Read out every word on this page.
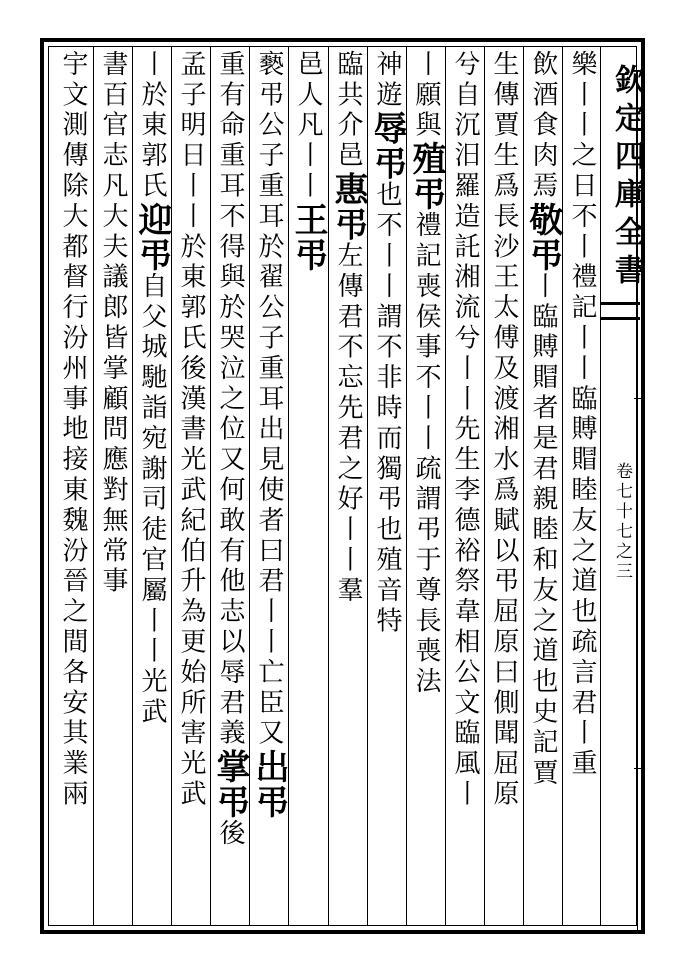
欽定四庫全書
卷七十七之三
樂丨丨之日不丨禮記丨丨臨賻賵睦友之道也疏言君丨重
飲酒食肉焉敬弔丨臨賻賵者是君親睦和友之道也史記賈
生傳賈生爲長沙王太傅及渡湘水爲賦以弔屈原曰側聞屈原
兮自沉汨羅造託湘流兮丨丨先生李德裕祭韋相公文臨風丨
丨願與殖弔禮記喪侯事不丨丨疏謂弔于尊長喪法
神遊辱弔也不丨丨謂不非時而獨弔也殖音特
臨共介邑惠弔左傳君不忘先君之好丨丨羣
邑人凡丨丨王弔
褻弔公子重耳於翟公子重耳出見使者曰君丨丨亡臣又出弔
重有命重耳不得與於哭泣之位又何敢有他志以辱君義掌弔後
孟子明日丨丨於東郭氏後漢書光武紀伯升為更始所害光武
丨於東郭氏迎弔自父城馳詣宛謝司徒官屬丨丨光武
書百官志凡大夫議郎皆掌顧問應對無常事
宇文測傳除大都督行汾州事地接東魏汾晉之間各安其業兩
